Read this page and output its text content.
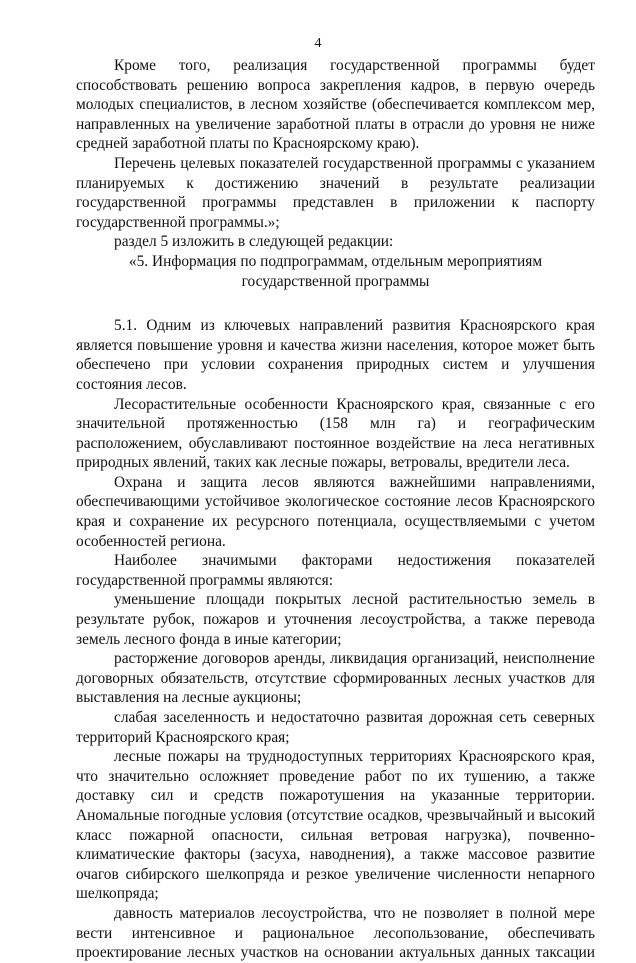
4

Кроме того, реализация государственной программы будет способствовать решению вопроса закрепления кадров, в первую очередь молодых специалистов, в лесном хозяйстве (обеспечивается комплексом мер, направленных на увеличение заработной платы в отрасли до уровня не ниже средней заработной платы по Красноярскому краю).

Перечень целевых показателей государственной программы с указанием планируемых к достижению значений в результате реализации государственной программы представлен в приложении к паспорту государственной программы.»;

раздел 5 изложить в следующей редакции:

«5. Информация по подпрограммам, отдельным мероприятиям государственной программы

5.1. Одним из ключевых направлений развития Красноярского края является повышение уровня и качества жизни населения, которое может быть обеспечено при условии сохранения природных систем и улучшения состояния лесов.

Лесорастительные особенности Красноярского края, связанные с его значительной протяженностью (158 млн га) и географическим расположением, обуславливают постоянное воздействие на леса негативных природных явлений, таких как лесные пожары, ветровалы, вредители леса.

Охрана и защита лесов являются важнейшими направлениями, обеспечивающими устойчивое экологическое состояние лесов Красноярского края и сохранение их ресурсного потенциала, осуществляемыми с учетом особенностей региона.

Наиболее значимыми факторами недостижения показателей государственной программы являются:

уменьшение площади покрытых лесной растительностью земель в результате рубок, пожаров и уточнения лесоустройства, а также перевода земель лесного фонда в иные категории;

расторжение договоров аренды, ликвидация организаций, неисполнение договорных обязательств, отсутствие сформированных лесных участков для выставления на лесные аукционы;

слабая заселенность и недостаточно развитая дорожная сеть северных территорий Красноярского края;

лесные пожары на труднодоступных территориях Красноярского края, что значительно осложняет проведение работ по их тушению, а также доставку сил и средств пожаротушения на указанные территории. Аномальные погодные условия (отсутствие осадков, чрезвычайный и высокий класс пожарной опасности, сильная ветровая нагрузка), почвенно-климатические факторы (засуха, наводнения), а также массовое развитие очагов сибирского шелкопряда и резкое увеличение численности непарного шелкопряда;

давность материалов лесоустройства, что не позволяет в полной мере вести интенсивное и рациональное лесопользование, обеспечивать проектирование лесных участков на основании актуальных данных таксации
